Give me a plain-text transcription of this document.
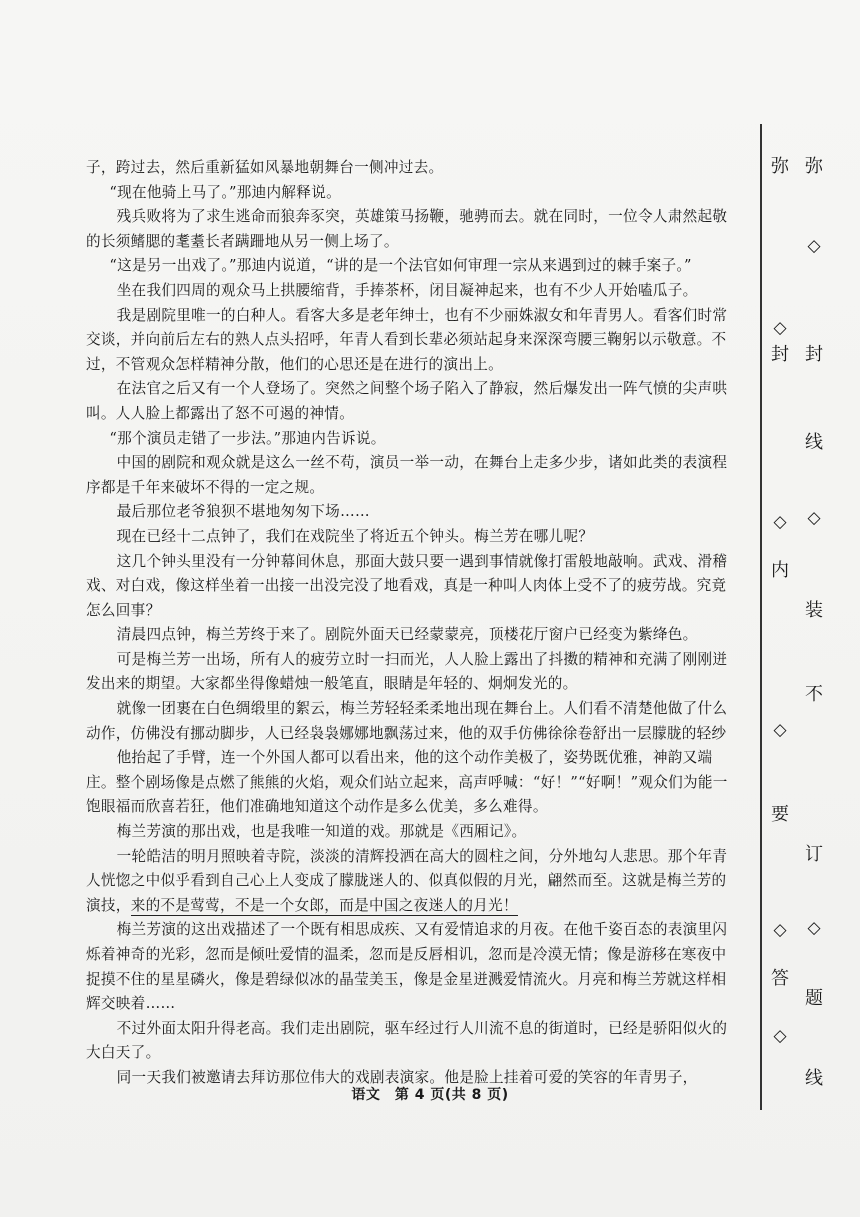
子，跨过去，然后重新猛如风暴地朝舞台一侧冲过去。

“现在他骑上马了。”那迪内解释说。

残兵败将为了求生逃命而狼奔豕突，英雄策马扬鞭，驰骋而去。就在同时，一位令人肃然起敬的长须鳍腮的耄耋长者蹒跚地从另一侧上场了。

“这是另一出戏了。”那迪内说道，“讲的是一个法官如何审理一宗从来遇到过的棘手案子。”

坐在我们四周的观众马上拱腰缩背，手捧茶杯，闭目凝神起来，也有不少人开始嗑瓜子。

我是剧院里唯一的白种人。看客大多是老年绅士，也有不少丽姝淑女和年青男人。看客们时常交谈，并向前后左右的熟人点头招呼，年青人看到长辈必须站起身来深深弯腰三鞠躬以示敬意。不过，不管观众怎样精神分散，他们的心思还是在进行的演出上。

在法官之后又有一个人登场了。突然之间整个场子陷入了静寂，然后爆发出一阵气愤的尖声哄叫。人人脸上都露出了怒不可遏的神情。

“那个演员走错了一步法。”那迪内告诉说。

中国的剧院和观众就是这么一丝不苟，演员一举一动，在舞台上走多少步，诸如此类的表演程序都是千年来破坏不得的一定之规。

最后那位老爷狼狈不堪地匆匆下场……

现在已经十二点钟了，我们在戏院坐了将近五个钟头。梅兰芳在哪儿呢？

这几个钟头里没有一分钟幕间休息，那面大鼓只要一遇到事情就像打雷般地敲响。武戏、滑稽戏、对白戏，像这样坐着一出接一出没完没了地看戏，真是一种叫人肉体上受不了的疲劳战。究竟怎么回事？

清晨四点钟，梅兰芳终于来了。剧院外面天已经蒙蒙亮，顶楼花厅窗户已经变为紫绛色。

可是梅兰芳一出场，所有人的疲劳立时一扫而光，人人脸上露出了抖擞的精神和充满了刚刚迸发出来的期望。大家都坐得像蜡烛一般笔直，眼睛是年轻的、炯炯发光的。

就像一团裹在白色绸缎里的絮云，梅兰芳轻轻柔柔地出现在舞台上。人们看不清楚他做了什么动作，仿佛没有挪动脚步，人已经袅袅娜娜地飘荡过来，他的双手仿佛徐徐卷舒出一层朦胧的轻纱

他抬起了手臂，连一个外国人都可以看出来，他的这个动作美极了，姿势既优雅，神韵又端庄。整个剧场像是点燃了熊熊的火焰，观众们站立起来，高声呼喊：“好！”“好啊！”观众们为能一饱眼福而欣喜若狂，他们准确地知道这个动作是多么优美，多么难得。

梅兰芳演的那出戏，也是我唯一知道的戏。那就是《西厢记》。

一轮皓洁的明月照映着寺院，淡淡的清辉投洒在高大的圆柱之间，分外地勾人悲思。那个年青人恍惚之中似乎看到自己心上人变成了朦胧迷人的、似真似假的月光，翩然而至。这就是梅兰芳的演技，来的不是莺莺，不是一个女郎，而是中国之夜迷人的月光！

梅兰芳演的这出戏描述了一个既有相思成疾、又有爱情追求的月夜。在他千姿百态的表演里闪烁着神奇的光彩，忽而是倾吐爱情的温柔，忽而是反唇相讥，忽而是冷漠无情；像是游移在寒夜中捉摸不住的星星磷火，像是碧绿似冰的晶莹美玉，像是金星迸溅爱情流火。月亮和梅兰芳就这样相辉交映着……

不过外面太阳升得老高。我们走出剧院，驱车经过行人川流不息的街道时，已经是骄阳似火的大白天了。

同一天我们被邀请去拜访那位伟大的戏剧表演家。他是脸上挂着可爱的笑容的年青男子，

语文　第 4 页(共 8 页)
弥
◇
封
◇
内
◇
要
◇
答
◇
弥
◇
封
线
◇
装
不
订
◇
题
线
